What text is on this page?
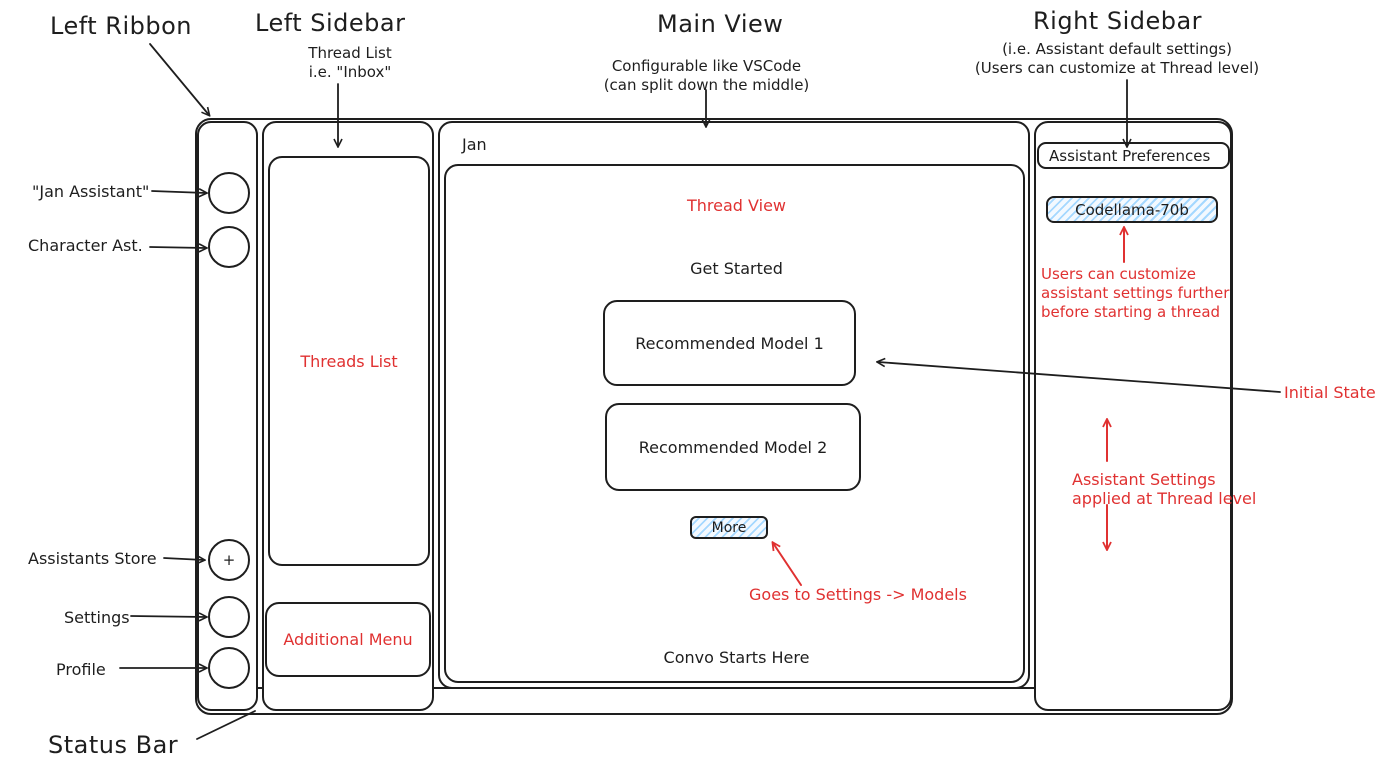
Left Ribbon	Left Sidebar
Thread List
i.e. "Inbox"
Main View
Configurable like VSCode
(can split down the middle)
Right Sidebar
(i.e. Assistant default settings)
(Users can customize at Thread level)
"Jan Assistant"
Character Ast.
Assistants Store
Settings
Profile
Status Bar
+
Threads List
Additional Menu
Jan
Thread View
Get Started
Recommended Model 1
Recommended Model 2
More
Goes to Settings -> Models
Convo Starts Here
Assistant Preferences
Codellama-70b
Users can customize
assistant settings further
before starting a thread
Assistant Settings
applied at Thread level
Initial State
